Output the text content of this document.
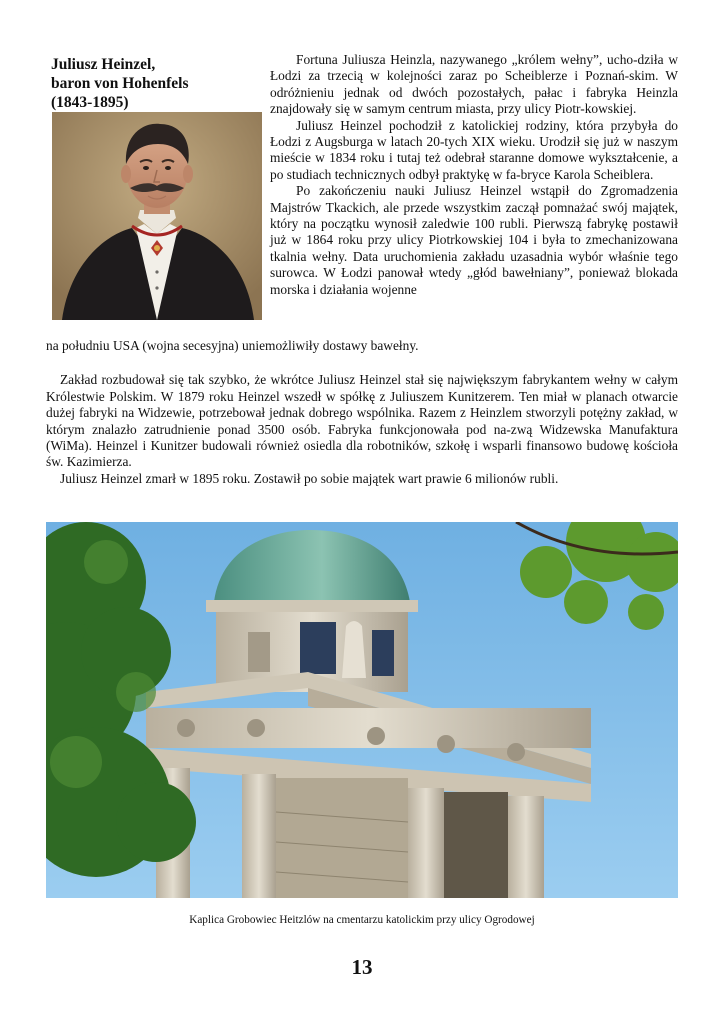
Juliusz Heinzel,
baron von Hohenfels
(1843-1895)

Fortuna Juliusza Heinzla, nazywanego „królem wełny”, ucho-dziła w Łodzi za trzecią w kolejności zaraz po Scheiblerze i Poznań-skim. W odróżnieniu jednak od dwóch pozostałych, pałac i fabryka Heinzla znajdowały się w samym centrum miasta, przy ulicy Piotr-kowskiej.

Juliusz Heinzel pochodził z katolickiej rodziny, która przybyła do Łodzi z Augsburga w latach 20-tych XIX wieku. Urodził się już w naszym mieście w 1834 roku i tutaj też odebrał staranne domowe wykształcenie, a po studiach technicznych odbył praktykę w fa-bryce Karola Scheiblera.

Po zakończeniu nauki Juliusz Heinzel wstąpił do Zgromadzenia Majstrów Tkackich, ale przede wszystkim zaczął pomnażać swój majątek, który na początku wynosił zaledwie 100 rubli. Pierwszą fabrykę postawił już w 1864 roku przy ulicy Piotrkowskiej 104 i była to zmechanizowana tkalnia wełny. Data uruchomienia zakładu uzasadnia wybór właśnie tego surowca. W Łodzi panował wtedy „głód bawełniany”, ponieważ blokada morska i działania wojenne

na południu USA (wojna secesyjna) uniemożliwiły dostawy bawełny.

Zakład rozbudował się tak szybko, że wkrótce Juliusz Heinzel stał się największym fabrykantem wełny w całym Królestwie Polskim. W 1879 roku Heinzel wszedł w spółkę z Juliuszem Kunitzerem. Ten miał w planach otwarcie dużej fabryki na Widzewie, potrzebował jednak dobrego wspólnika. Razem z Heinzlem stworzyli potężny zakład, w którym znalazło zatrudnienie ponad 3500 osób. Fabryka funkcjonowała pod na-zwą Widzewska Manufaktura (WiMa). Heinzel i Kunitzer budowali również osiedla dla robotników, szkołę i wsparli finansowo budowę kościoła św. Kazimierza.

Juliusz Heinzel zmarł w 1895 roku. Zostawił po sobie majątek wart prawie 6 milionów rubli.

Kaplica Grobowiec Heitzlów na cmentarzu katolickim przy ulicy Ogrodowej
13
